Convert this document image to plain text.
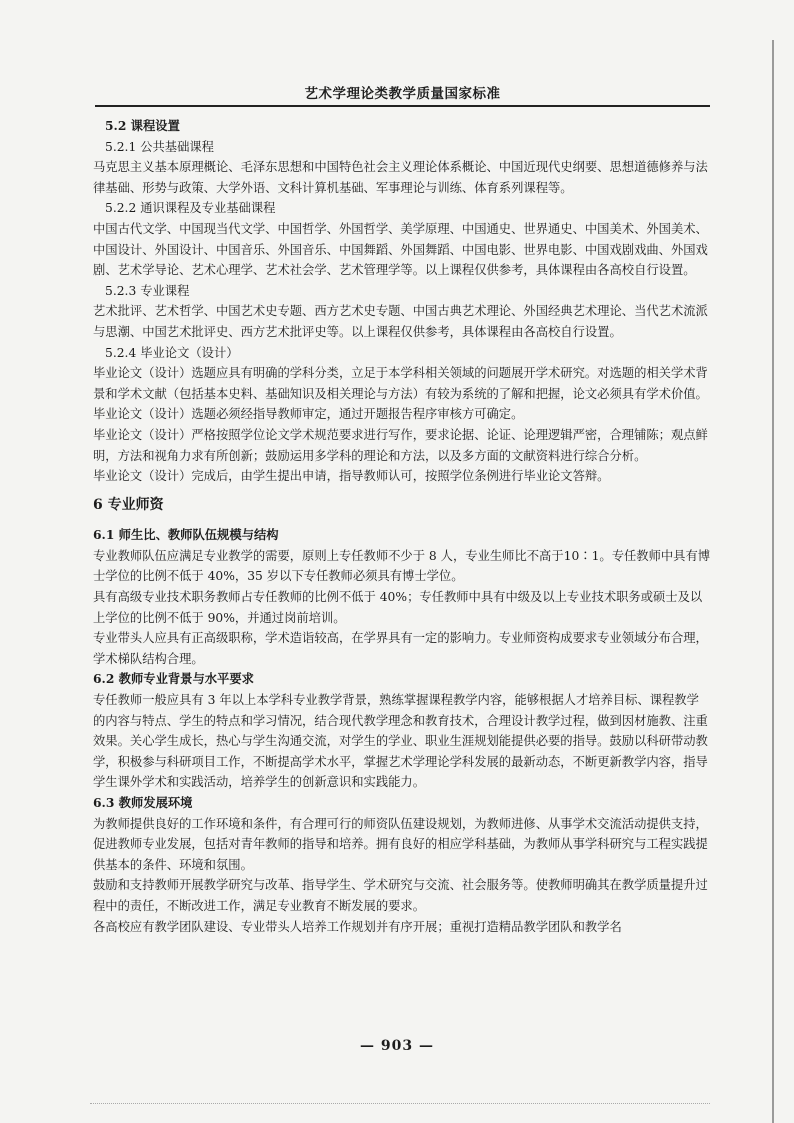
艺术学理论类教学质量国家标准

5.2 课程设置

5.2.1 公共基础课程

马克思主义基本原理概论、毛泽东思想和中国特色社会主义理论体系概论、中国近现代史纲要、思想道德修养与法律基础、形势与政策、大学外语、文科计算机基础、军事理论与训练、体育系列课程等。

5.2.2 通识课程及专业基础课程

中国古代文学、中国现当代文学、中国哲学、外国哲学、美学原理、中国通史、世界通史、中国美术、外国美术、中国设计、外国设计、中国音乐、外国音乐、中国舞蹈、外国舞蹈、中国电影、世界电影、中国戏剧戏曲、外国戏剧、艺术学导论、艺术心理学、艺术社会学、艺术管理学等。以上课程仅供参考，具体课程由各高校自行设置。

5.2.3 专业课程

艺术批评、艺术哲学、中国艺术史专题、西方艺术史专题、中国古典艺术理论、外国经典艺术理论、当代艺术流派与思潮、中国艺术批评史、西方艺术批评史等。以上课程仅供参考，具体课程由各高校自行设置。

5.2.4 毕业论文（设计）

毕业论文（设计）选题应具有明确的学科分类，立足于本学科相关领域的问题展开学术研究。对选题的相关学术背景和学术文献（包括基本史料、基础知识及相关理论与方法）有较为系统的了解和把握，论文必须具有学术价值。毕业论文（设计）选题必须经指导教师审定，通过开题报告程序审核方可确定。

毕业论文（设计）严格按照学位论文学术规范要求进行写作，要求论据、论证、论理逻辑严密，合理铺陈；观点鲜明，方法和视角力求有所创新；鼓励运用多学科的理论和方法，以及多方面的文献资料进行综合分析。

毕业论文（设计）完成后，由学生提出申请，指导教师认可，按照学位条例进行毕业论文答辩。

6 专业师资

6.1 师生比、教师队伍规模与结构

专业教师队伍应满足专业教学的需要，原则上专任教师不少于 8 人，专业生师比不高于10∶1。专任教师中具有博士学位的比例不低于 40%，35 岁以下专任教师必须具有博士学位。

具有高级专业技术职务教师占专任教师的比例不低于 40%；专任教师中具有中级及以上专业技术职务或硕士及以上学位的比例不低于 90%，并通过岗前培训。

专业带头人应具有正高级职称，学术造诣较高，在学界具有一定的影响力。专业师资构成要求专业领域分布合理，学术梯队结构合理。

6.2 教师专业背景与水平要求

专任教师一般应具有 3 年以上本学科专业教学背景，熟练掌握课程教学内容，能够根据人才培养目标、课程教学的内容与特点、学生的特点和学习情况，结合现代教学理念和教育技术，合理设计教学过程，做到因材施教、注重效果。关心学生成长，热心与学生沟通交流，对学生的学业、职业生涯规划能提供必要的指导。鼓励以科研带动教学，积极参与科研项目工作，不断提高学术水平，掌握艺术学理论学科发展的最新动态，不断更新教学内容，指导学生课外学术和实践活动，培养学生的创新意识和实践能力。

6.3 教师发展环境

为教师提供良好的工作环境和条件，有合理可行的师资队伍建设规划，为教师进修、从事学术交流活动提供支持，促进教师专业发展，包括对青年教师的指导和培养。拥有良好的相应学科基础，为教师从事学科研究与工程实践提供基本的条件、环境和氛围。

鼓励和支持教师开展教学研究与改革、指导学生、学术研究与交流、社会服务等。使教师明确其在教学质量提升过程中的责任，不断改进工作，满足专业教育不断发展的要求。

各高校应有教学团队建设、专业带头人培养工作规划并有序开展；重视打造精品教学团队和教学名

— 903 —
